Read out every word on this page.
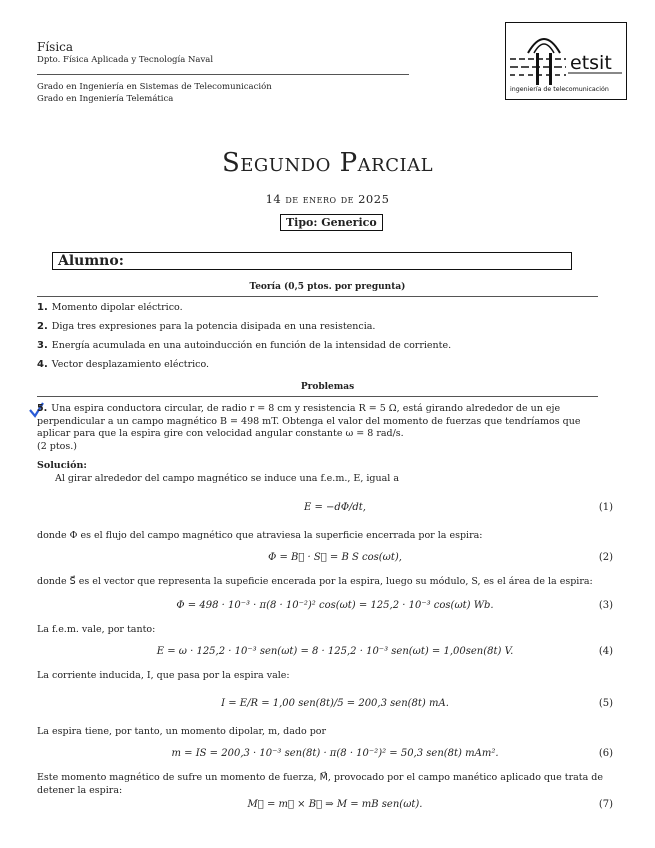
Física
Dpto. Física Aplicada y Tecnología Naval
Grado en Ingeniería en Sistemas de Telecomunicación
Grado en Ingeniería Telemática
etsit
ingeniería de telecomunicación
Segundo Parcial
14 de enero de 2025
Tipo: Generico
Alumno:
Teoría (0,5 ptos. por pregunta)
1. Momento dipolar eléctrico.
2. Diga tres expresiones para la potencia disipada en una resistencia.
3. Energía acumulada en una autoinducción en función de la intensidad de corriente.
4. Vector desplazamiento eléctrico.
Problemas
5. Una espira conductora circular, de radio r = 8 cm y resistencia R = 5 Ω, está girando alrededor de un eje perpendicular a un campo magnético B = 498 mT. Obtenga el valor del momento de fuerzas que tendríamos que aplicar para que la espira gire con velocidad angular constante ω = 8 rad/s.
(2 ptos.)
Solución:
Al girar alrededor del campo magnético se induce una f.e.m., E, igual a
E = −dΦ/dt,	(1)
donde Φ es el flujo del campo magnético que atraviesa la superficie encerrada por la espira:
Φ = B⃗ · S⃗ = B S cos(ωt),	(2)
donde S⃗ es el vector que representa la supeficie encerada por la espira, luego su módulo, S, es el área de la espira:
Φ = 498 · 10⁻³ · π(8 · 10⁻²)² cos(ωt) = 125,2 · 10⁻³ cos(ωt) Wb.	(3)
La f.e.m. vale, por tanto:
E = ω · 125,2 · 10⁻³ sen(ωt) = 8 · 125,2 · 10⁻³ sen(ωt) = 1,00sen(8t) V.	(4)
La corriente inducida, I, que pasa por la espira vale:
I = E/R = 1,00 sen(8t)/5 = 200,3 sen(8t) mA.	(5)
La espira tiene, por tanto, un momento dipolar, m, dado por
m = IS = 200,3 · 10⁻³ sen(8t) · π(8 · 10⁻²)² = 50,3 sen(8t) mAm².	(6)
Este momento magnético de sufre un momento de fuerza, M⃗, provocado por el campo manético aplicado que trata de detener la espira:
M⃗ = m⃗ × B⃗ ⇒ M = mB sen(ωt).	(7)
